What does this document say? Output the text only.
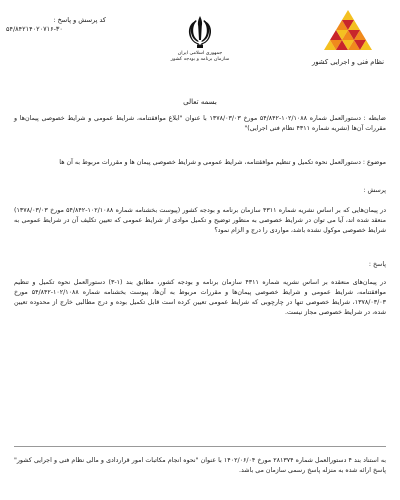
کد پرسش و پاسخ :
۵۴/۸۴۲۱۴۰۲۰۷۱۶-۳۰
جمهوری اسلامی ایران
سازمان برنامه و بودجه کشور	نظام فنی و اجرایی کشور
بسمه تعالی
ضابطه : دستورالعمل شماره ۱۰۲/۱۰۸۸-۵۴/۸۴۲ مورخ ۱۳۷۸/۰۳/۰۳ با عنوان "ابلاغ موافقتنامه، شرایط عمومی و شرایط خصوصی پیمان‌ها و مقررات آن‌ها (نشریه شماره ۴۳۱۱ نظام فنی اجرایی)"
موضوع : دستورالعمل نحوه تکمیل و تنظیم موافقتنامه، شرایط عمومی و شرایط خصوصی پیمان ها و مقررات مربوط به آن ها
پرسش :
در پیمان‌هایی که بر اساس نشریه شماره ۴۳۱۱ سازمان برنامه و بودجه کشور (پیوست بخشنامه شماره ۱۰۲/۱۰۸۸-۵۴/۸۴۲ مورخ ۱۳۷۸/۰۳/۰۳) منعقد شده اند، آیا می توان در شرایط خصوصی به منظور توضیح و تکمیل موادی از شرایط عمومی که تعیین تکلیف آن در شرایط عمومی به شرایط خصوصی موکول نشده باشد، مواردی را درج و الزام نمود؟
پاسخ :
در پیمان‌های منعقده بر اساس نشریه شماره ۴۳۱۱ سازمان برنامه و بودجه کشور، مطابق بند (۱-۳) دستورالعمل نحوه تکمیل و تنظیم موافقتنامه، شرایط عمومی و شرایط خصوصی پیمان‌ها و مقررات مربوط به آن‌ها، پیوست بخشنامه شماره ۱۰۲/۱۰۸۸-۵۴/۸۴۲ مورخ ۱۳۷۸/۰۳/۰۳، شرایط خصوصی تنها در چارچوبی که شرایط عمومی تعیین کرده است قابل تکمیل بوده و درج مطالبی خارج از محدوده تعیین شده، در شرایط خصوصی مجاز نیست.
به استناد بند ۴ دستورالعمل شماره ۲۸۱۳۷۴ مورخ ۱۴۰۲/۰۶/۰۴ با عنوان "نحوه انجام مکاتبات امور قراردادی و مالی نظام فنی و اجرایی کشور" پاسخ ارائه شده به منزله پاسخ رسمی سازمان می باشد.
